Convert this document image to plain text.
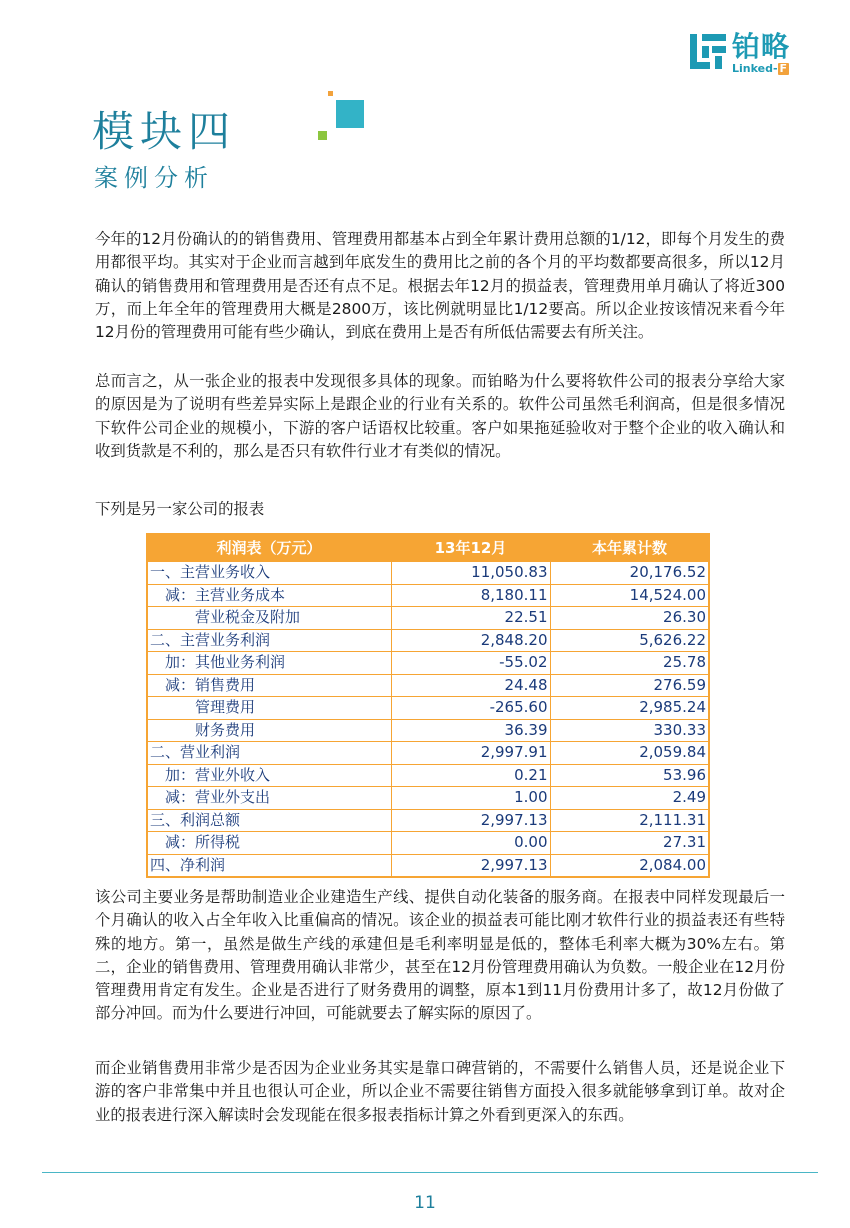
铂略
Linked- F
模块四
案例分析

今年的12月份确认的的销售费用、管理费用都基本占到全年累计费用总额的1/12，即每个月发生的费用都很平均。其实对于企业而言越到年底发生的费用比之前的各个月的平均数都要高很多，所以12月确认的销售费用和管理费用是否还有点不足。根据去年12月的损益表，管理费用单月确认了将近300万，而上年全年的管理费用大概是2800万，该比例就明显比1/12要高。所以企业按该情况来看今年12月份的管理费用可能有些少确认，到底在费用上是否有所低估需要去有所关注。

总而言之，从一张企业的报表中发现很多具体的现象。而铂略为什么要将软件公司的报表分享给大家的原因是为了说明有些差异实际上是跟企业的行业有关系的。软件公司虽然毛利润高，但是很多情况下软件公司企业的规模小，下游的客户话语权比较重。客户如果拖延验收对于整个企业的收入确认和收到货款是不利的，那么是否只有软件行业才有类似的情况。

下列是另一家公司的报表

利润表（万元）	13年12月	本年累计数
一、主营业务收入	11,050.83	20,176.52
　减：主营业务成本	8,180.11	14,524.00
　　　营业税金及附加	22.51	26.30
二、主营业务利润	2,848.20	5,626.22
　加：其他业务利润	-55.02	25.78
　减：销售费用	24.48	276.59
　　　管理费用	-265.60	2,985.24
　　　财务费用	36.39	330.33
二、营业利润	2,997.91	2,059.84
　加：营业外收入	0.21	53.96
　减：营业外支出	1.00	2.49
三、利润总额	2,997.13	2,111.31
　减：所得税	0.00	27.31
四、净利润	2,997.13	2,084.00

该公司主要业务是帮助制造业企业建造生产线、提供自动化装备的服务商。在报表中同样发现最后一个月确认的收入占全年收入比重偏高的情况。该企业的损益表可能比刚才软件行业的损益表还有些特殊的地方。第一，虽然是做生产线的承建但是毛利率明显是低的，整体毛利率大概为30%左右。第二，企业的销售费用、管理费用确认非常少，甚至在12月份管理费用确认为负数。一般企业在12月份管理费用肯定有发生。企业是否进行了财务费用的调整，原本1到11月份费用计多了，故12月份做了部分冲回。而为什么要进行冲回，可能就要去了解实际的原因了。

而企业销售费用非常少是否因为企业业务其实是靠口碑营销的，不需要什么销售人员，还是说企业下游的客户非常集中并且也很认可企业，所以企业不需要往销售方面投入很多就能够拿到订单。故对企业的报表进行深入解读时会发现能在很多报表指标计算之外看到更深入的东西。

11
